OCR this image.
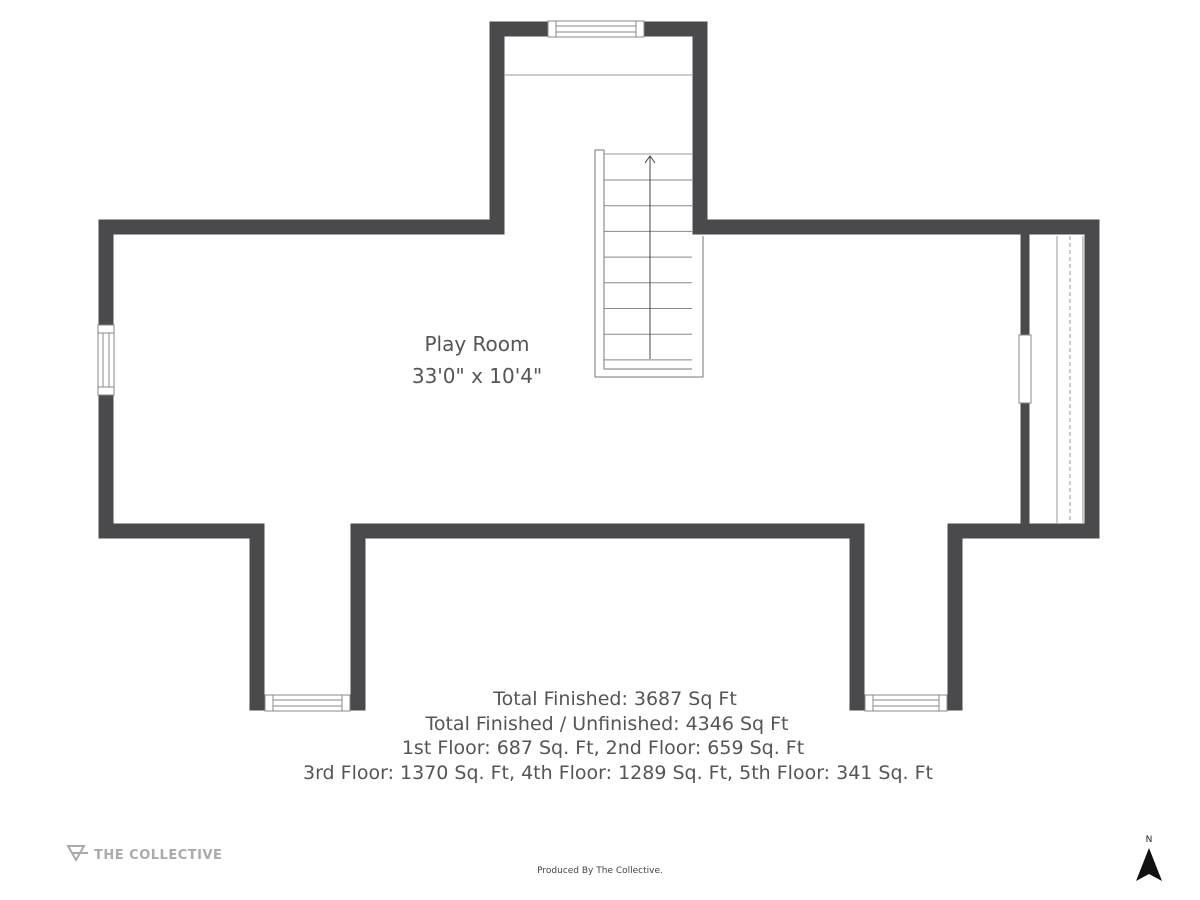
Play Room
33'0" x 10'4"
Total Finished: 3687 Sq Ft
Total Finished / Unfinished: 4346 Sq Ft
1st Floor: 687 Sq. Ft, 2nd Floor: 659 Sq. Ft
3rd Floor: 1370 Sq. Ft, 4th Floor: 1289 Sq. Ft, 5th Floor: 341 Sq. Ft
THE COLLECTIVE
Produced By The Collective.
N
